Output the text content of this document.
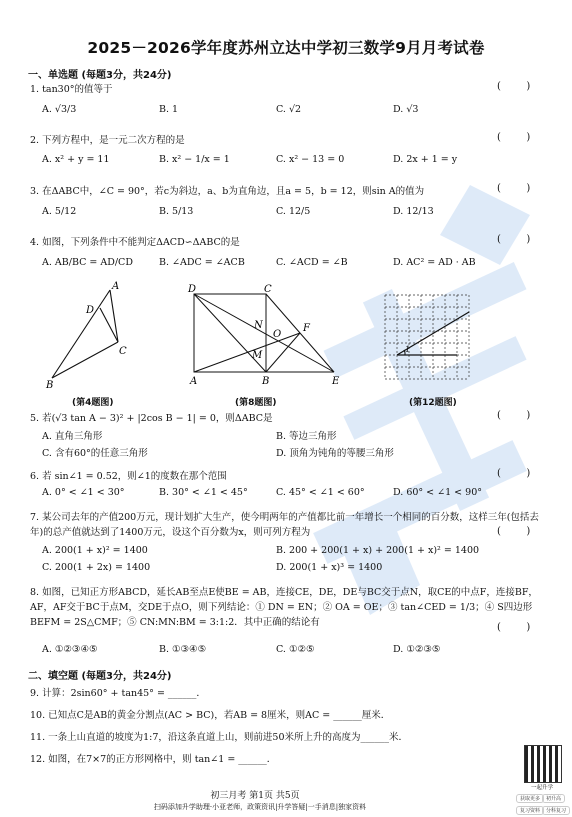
2025－2026学年度苏州立达中学初三数学9月月考试卷
一、单选题 (每题3分，共24分)
1. tan30°的值等于	(        )
A. √3/3	B. 1	C. √2	D. √3
2. 下列方程中，是一元二次方程的是	(        )
A. x² + y = 11	B. x² − 1/x = 1	C. x² − 13 = 0	D. 2x + 1 = y
3. 在ΔABC中，∠C = 90°，若c为斜边，a、b为直角边，且a = 5，b = 12，则sin A的值为	(        )
A. 5/12	B. 5/13	C. 12/5	D. 12/13
4. 如图，下列条件中不能判定ΔACD∽ΔABC的是	(        )
A. AB/BC = AD/CD	B. ∠ADC = ∠ACB	C. ∠ACD = ∠B	D. AC² = AD · AB
A
D
C
B
(第4题图)
D	C
N
O
F
M
A	B	E
(第8题图)
1
(第12题图)
5. 若(√3 tan A − 3)² + |2cos B − 1| = 0，则ΔABC是	(        )
A. 直角三角形	B. 等边三角形
C. 含有60°的任意三角形	D. 顶角为钝角的等腰三角形
6. 若 sin∠1 = 0.52，则∠1的度数在那个范围	(        )
A. 0° < ∠1 < 30°	B. 30° < ∠1 < 45°	C. 45° < ∠1 < 60°	D. 60° < ∠1 < 90°
7. 某公司去年的产值200万元，现计划扩大生产，使今明两年的产值都比前一年增长一个相同的百分数，这样三年(包括去年)的总产值就达到了1400万元，设这个百分数为x，则可列方程为	(        )
A. 200(1 + x)² = 1400	B. 200 + 200(1 + x) + 200(1 + x)² = 1400
C. 200(1 + 2x) = 1400	D. 200(1 + x)³ = 1400
8. 如图，已知正方形ABCD，延长AB至点E使BE = AB，连接CE，DE，DE与BC交于点N，取CE的中点F，连接BF，AF，AF交于BC于点M，交DE于点O，则下列结论：① DN = EN；② OA = OE；③ tan∠CED = 1/3；④ S四边形BEFM = 2S△CMF；⑤ CN:MN:BM = 3:1:2．其中正确的结论有	(        )
A. ①②③④⑤	B. ①③④⑤	C. ①②⑤	D. ①②③⑤
二、填空题 (每题3分，共24分)
9. 计算：2sin60° + tan45° = ______．
10. 已知点C是AB的黄金分割点(AC > BC)，若AB = 8厘米，则AC = ______厘米．
11. 一条上山直道的坡度为1:7，沿这条直道上山，则前进50米所上升的高度为______米．
12. 如图，在7×7的正方形网格中，则 tan∠1 = ______．
初三月考 第1页 共5页
扫码添加升学助理·小亚老师，政策资讯|升学答疑|一手消息|独家资料
一起升学
获取更多	初升高
复习资料	分科复习
